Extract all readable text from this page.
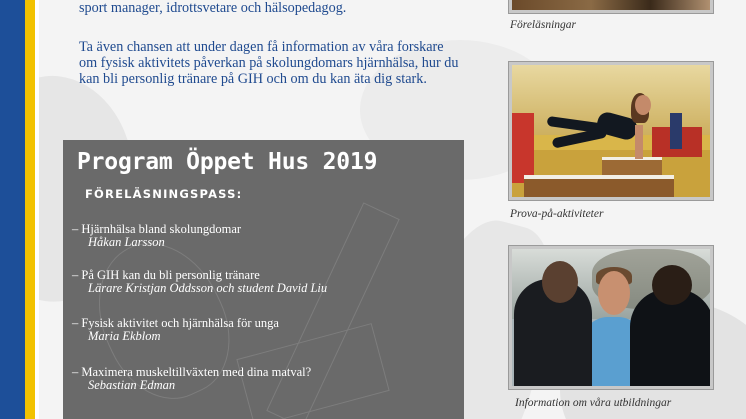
sport manager, idrottsvetare och hälsopedagog.

Ta även chansen att under dagen få information av våra forskare om fysisk aktivitets påverkan på skolungdomars hjärnhälsa, hur du kan bli personlig tränare på GIH och om du kan äta dig stark.

Program Öppet Hus 2019
FÖRELÄSNINGSPASS:
– Hjärnhälsa bland skolungdomar
Håkan Larsson
– På GIH kan du bli personlig tränare
Lärare Kristjan Oddsson och student David Liu
– Fysisk aktivitet och hjärnhälsa för unga
Maria Ekblom
– Maximera muskeltillväxten med dina matval?
Sebastian Edman
Föreläsningar
Prova-på-aktiviteter
Information om våra utbildningar
